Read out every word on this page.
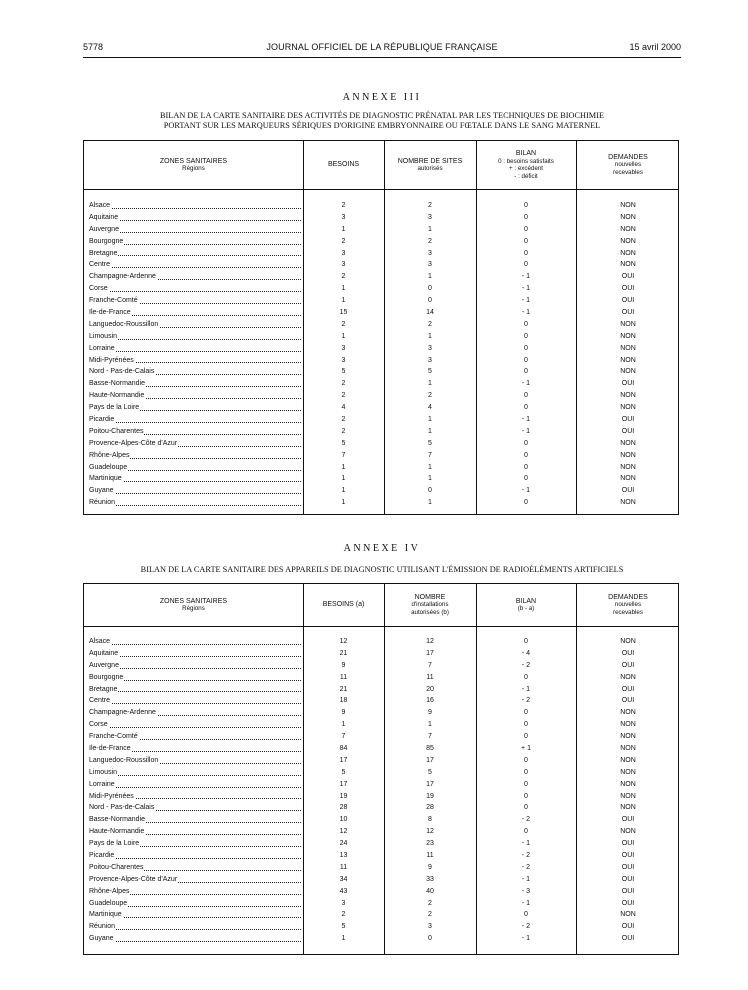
5778	JOURNAL OFFICIEL DE LA RÉPUBLIQUE FRANÇAISE	15 avril 2000
ANNEXE III
BILAN DE LA CARTE SANITAIRE DES ACTIVITÉS DE DIAGNOSTIC PRÉNATAL PAR LES TECHNIQUES DE BIOCHIMIE
PORTANT SUR LES MARQUEURS SÉRIQUES D'ORIGINE EMBRYONNAIRE OU FŒTALE DANS LE SANG MATERNEL
ZONES SANITAIRES
Régions
BESOINS
NOMBRE DE SITES
autorisés
BILAN
0 : besoins satisfaits
+ : excédent
- : déficit
DEMANDES
nouvelles
recevables
Alsace	2	2	0	NON
Aquitaine	3	3	0	NON
Auvergne	1	1	0	NON
Bourgogne	2	2	0	NON
Bretagne	3	3	0	NON
Centre	3	3	0	NON
Champagne-Ardenne	2	1	- 1	OUI
Corse	1	0	- 1	OUI
Franche-Comté	1	0	- 1	OUI
Ile-de-France	15	14	- 1	OUI
Languedoc-Roussillon	2	2	0	NON
Limousin	1	1	0	NON
Lorraine	3	3	0	NON
Midi-Pyrénées	3	3	0	NON
Nord - Pas-de-Calais	5	5	0	NON
Basse-Normandie	2	1	- 1	OUI
Haute-Normandie	2	2	0	NON
Pays de la Loire	4	4	0	NON
Picardie	2	1	- 1	OUI
Poitou-Charentes	2	1	- 1	OUI
Provence-Alpes-Côte d'Azur	5	5	0	NON
Rhône-Alpes	7	7	0	NON
Guadeloupe	1	1	0	NON
Martinique	1	1	0	NON
Guyane	1	0	- 1	OUI
Réunion	1	1	0	NON
ANNEXE IV
BILAN DE LA CARTE SANITAIRE DES APPAREILS DE DIAGNOSTIC UTILISANT L'ÉMISSION DE RADIOÉLÉMENTS ARTIFICIELS
ZONES SANITAIRES
Régions
BESOINS (a)
NOMBRE
d'installations
autorisées (b)
BILAN
(b - a)
DEMANDES
nouvelles
recevables
Alsace	12	12	0	NON
Aquitaine	21	17	- 4	OUI
Auvergne	9	7	- 2	OUI
Bourgogne	11	11	0	NON
Bretagne	21	20	- 1	OUI
Centre	18	16	- 2	OUI
Champagne-Ardenne	9	9	0	NON
Corse	1	1	0	NON
Franche-Comté	7	7	0	NON
Ile-de-France	84	85	+ 1	NON
Languedoc-Roussillon	17	17	0	NON
Limousin	5	5	0	NON
Lorraine	17	17	0	NON
Midi-Pyrénées	19	19	0	NON
Nord - Pas-de-Calais	28	28	0	NON
Basse-Normandie	10	8	- 2	OUI
Haute-Normandie	12	12	0	NON
Pays de la Loire	24	23	- 1	OUI
Picardie	13	11	- 2	OUI
Poitou-Charentes	11	9	- 2	OUI
Provence-Alpes-Côte d'Azur	34	33	- 1	OUI
Rhône-Alpes	43	40	- 3	OUI
Guadeloupe	3	2	- 1	OUI
Martinique	2	2	0	NON
Réunion	5	3	- 2	OUI
Guyane	1	0	- 1	OUI
